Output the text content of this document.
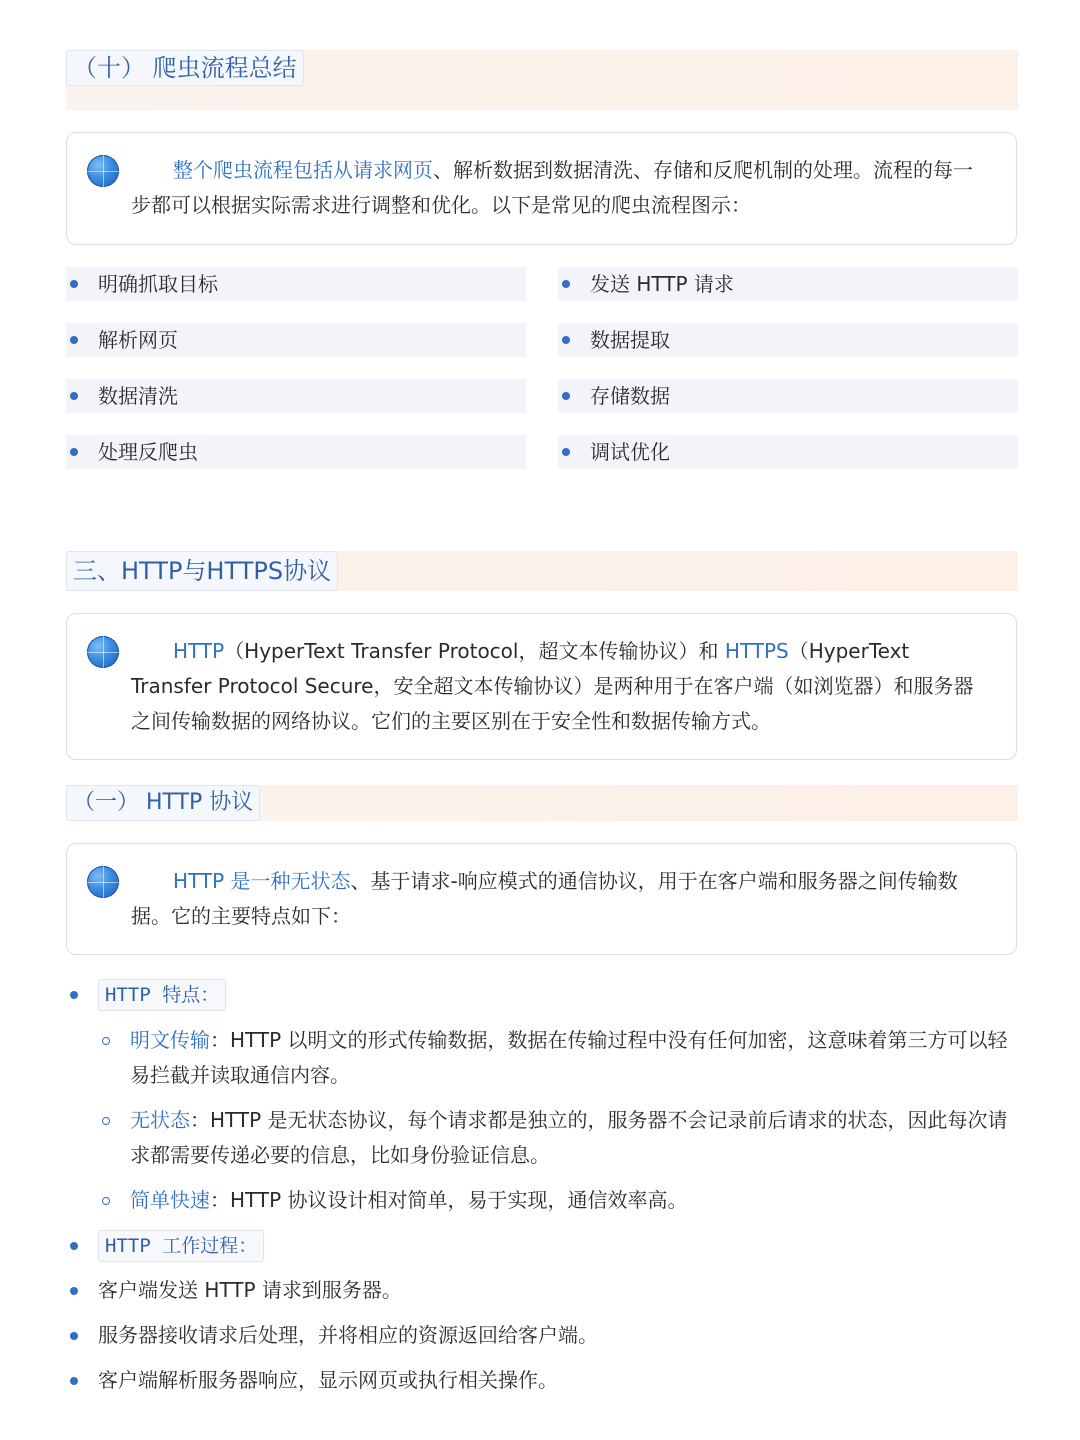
（十） 爬虫流程总结

整个爬虫流程包括从请求网页、解析数据到数据清洗、存储和反爬机制的处理。流程的每一步都可以根据实际需求进行调整和优化。以下是常见的爬虫流程图示：

明确抓取目标	发送 HTTP 请求
解析网页	数据提取
数据清洗	存储数据
处理反爬虫	调试优化
三、HTTP与HTTPS协议

HTTP（HyperText Transfer Protocol，超文本传输协议）和 HTTPS（HyperText Transfer Protocol Secure，安全超文本传输协议）是两种用于在客户端（如浏览器）和服务器之间传输数据的网络协议。它们的主要区别在于安全性和数据传输方式。

（一） HTTP 协议

HTTP 是一种无状态、基于请求-响应模式的通信协议，用于在客户端和服务器之间传输数据。它的主要特点如下：

HTTP 特点：
明文传输：HTTP 以明文的形式传输数据，数据在传输过程中没有任何加密，这意味着第三方可以轻易拦截并读取通信内容。
无状态：HTTP 是无状态协议，每个请求都是独立的，服务器不会记录前后请求的状态，因此每次请求都需要传递必要的信息，比如身份验证信息。
简单快速：HTTP 协议设计相对简单，易于实现，通信效率高。
HTTP 工作过程：
客户端发送 HTTP 请求到服务器。
服务器接收请求后处理，并将相应的资源返回给客户端。
客户端解析服务器响应，显示网页或执行相关操作。
